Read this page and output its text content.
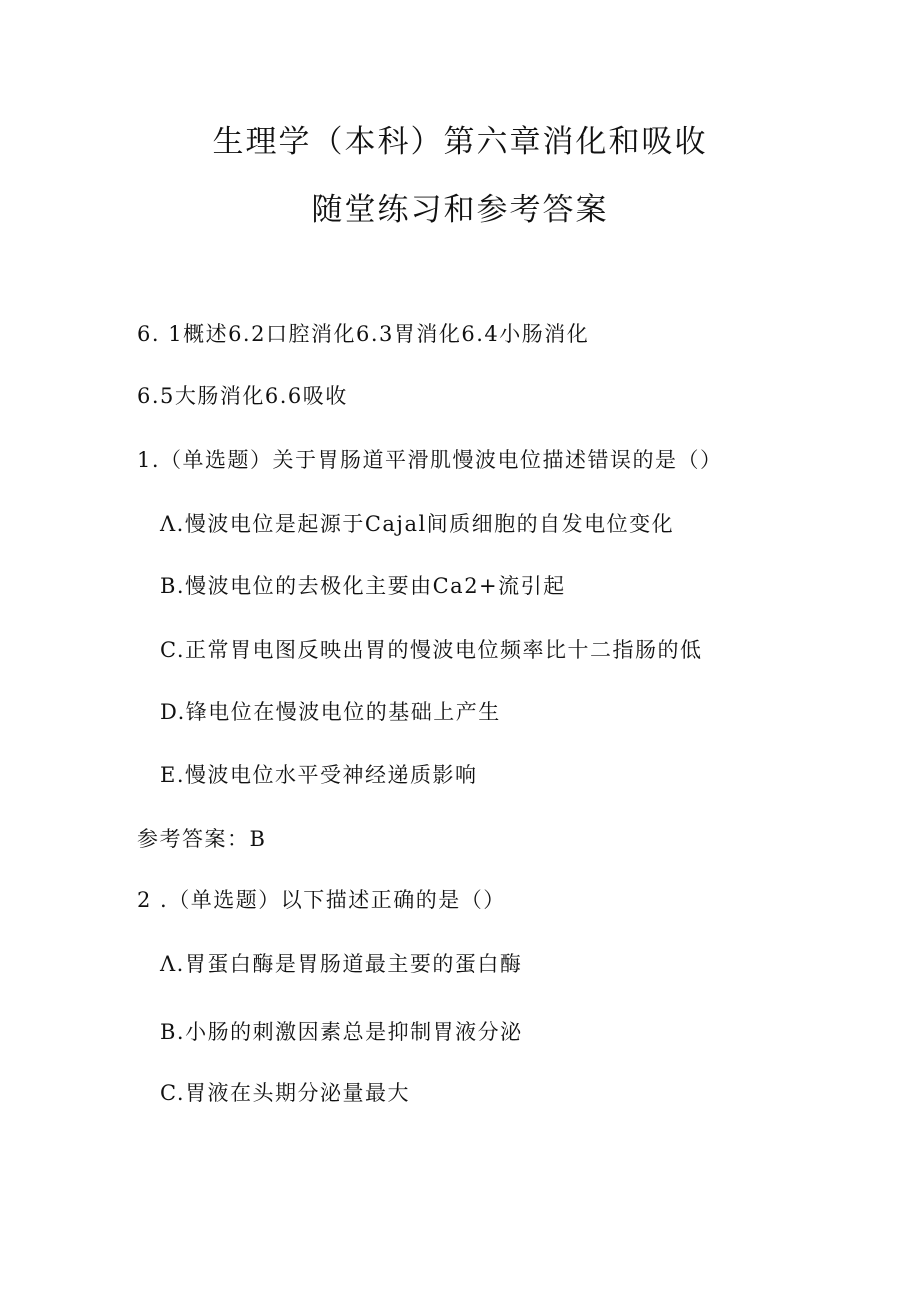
生理学（本科）第六章消化和吸收
随堂练习和参考答案
6. 1概述6.2口腔消化6.3胃消化6.4小肠消化
6.5大肠消化6.6吸收
1.（单选题）关于胃肠道平滑肌慢波电位描述错误的是（）
Λ.慢波电位是起源于Cajal间质细胞的自发电位变化
B.慢波电位的去极化主要由Ca2+流引起
C.正常胃电图反映出胃的慢波电位频率比十二指肠的低
D.锋电位在慢波电位的基础上产生
E.慢波电位水平受神经递质影响
参考答案：B
2 .（单选题）以下描述正确的是（）
Λ.胃蛋白酶是胃肠道最主要的蛋白酶
B.小肠的刺激因素总是抑制胃液分泌
C.胃液在头期分泌量最大
